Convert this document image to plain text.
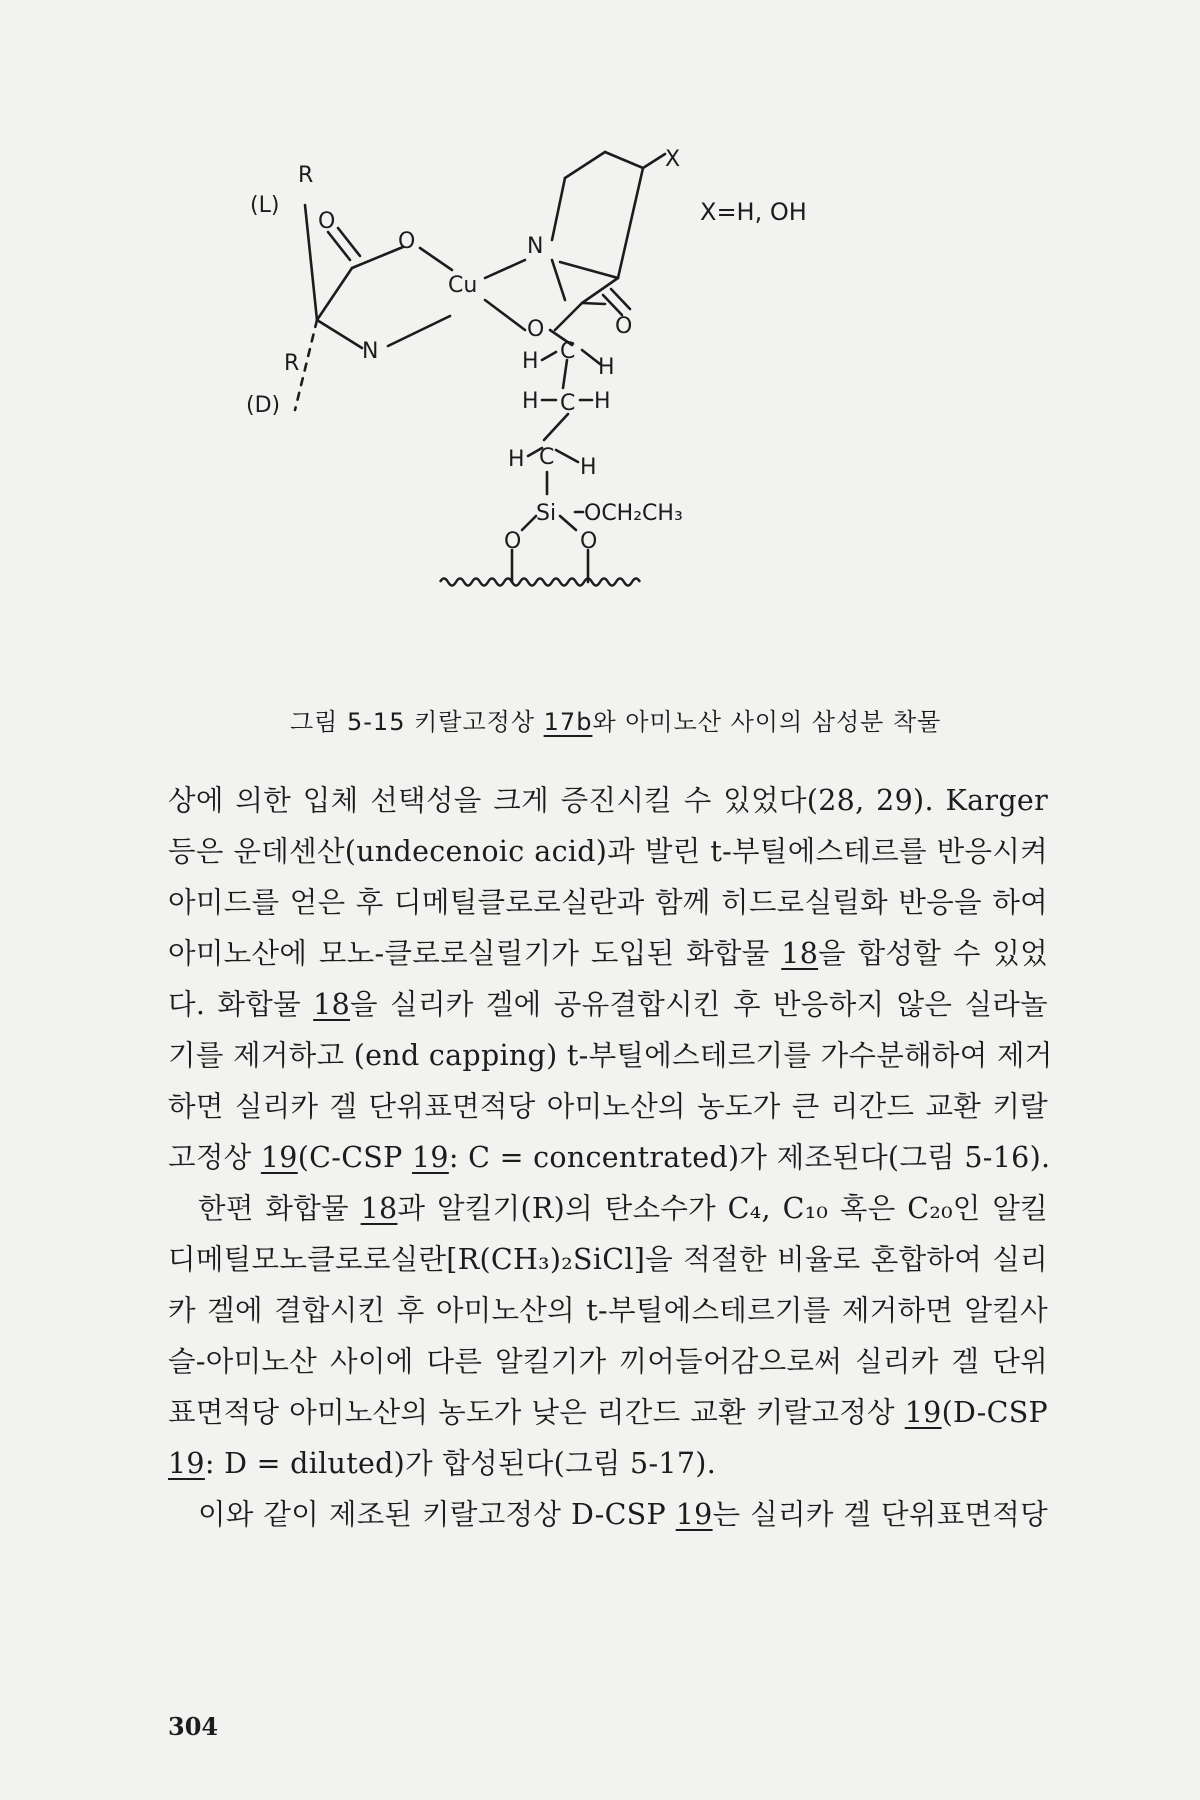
X=H, OH
X
(L)
(D)
R
R
O
O
Cu
N
N
O	O
H C
H
H C H
H C H
Si OCH₂CH₃
O	O
그림 5-15 키랄고정상 17b와 아미노산 사이의 삼성분 착물
상에 의한 입체 선택성을 크게 증진시킬 수 있었다(28, 29). Karger
등은 운데센산(undecenoic acid)과 발린 t-부틸에스테르를 반응시켜
아미드를 얻은 후 디메틸클로로실란과 함께 히드로실릴화 반응을 하여
아미노산에 모노-클로로실릴기가 도입된 화합물 18을 합성할 수 있었
다. 화합물 18을 실리카 겔에 공유결합시킨 후 반응하지 않은 실라놀
기를 제거하고 (end capping) t-부틸에스테르기를 가수분해하여 제거
하면 실리카 겔 단위표면적당 아미노산의 농도가 큰 리간드 교환 키랄
고정상 19(C-CSP 19: C = concentrated)가 제조된다(그림 5-16).
한편 화합물 18과 알킬기(R)의 탄소수가 C₄, C₁₀ 혹은 C₂₀인 알킬
디메틸모노클로로실란[R(CH₃)₂SiCl]을 적절한 비율로 혼합하여 실리
카 겔에 결합시킨 후 아미노산의 t-부틸에스테르기를 제거하면 알킬사
슬-아미노산 사이에 다른 알킬기가 끼어들어감으로써 실리카 겔 단위
표면적당 아미노산의 농도가 낮은 리간드 교환 키랄고정상 19(D-CSP
19: D = diluted)가 합성된다(그림 5-17).
이와 같이 제조된 키랄고정상 D-CSP 19는 실리카 겔 단위표면적당
304
